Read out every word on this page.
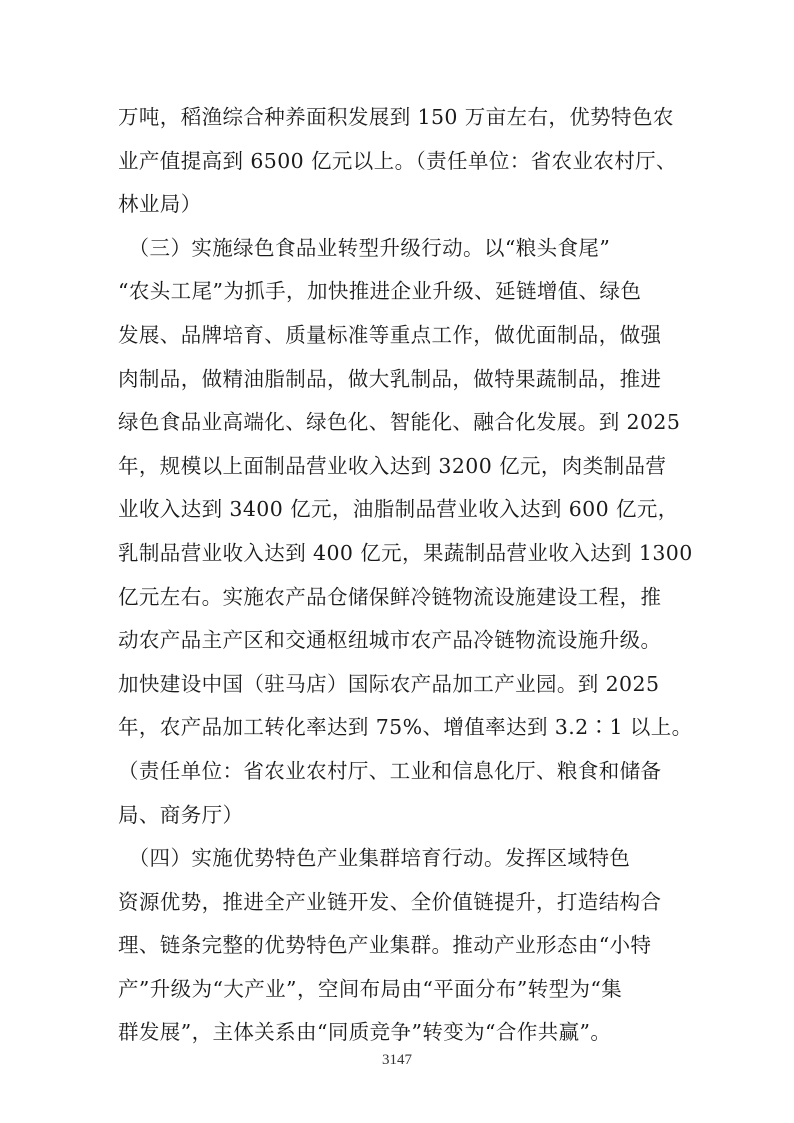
万吨，稻渔综合种养面积发展到 150 万亩左右，优势特色农
业产值提高到 6500 亿元以上。（责任单位：省农业农村厅、
林业局）
　（三）实施绿色食品业转型升级行动。以“粮头食尾”
“农头工尾”为抓手，加快推进企业升级、延链增值、绿色
发展、品牌培育、质量标准等重点工作，做优面制品，做强
肉制品，做精油脂制品，做大乳制品，做特果蔬制品，推进
绿色食品业高端化、绿色化、智能化、融合化发展。到 2025
年，规模以上面制品营业收入达到 3200 亿元，肉类制品营
业收入达到 3400 亿元，油脂制品营业收入达到 600 亿元，
乳制品营业收入达到 400 亿元，果蔬制品营业收入达到 1300
亿元左右。实施农产品仓储保鲜冷链物流设施建设工程，推
动农产品主产区和交通枢纽城市农产品冷链物流设施升级。
加快建设中国（驻马店）国际农产品加工产业园。到 2025
年，农产品加工转化率达到 75%、增值率达到 3.2∶1 以上。
（责任单位：省农业农村厅、工业和信息化厅、粮食和储备
局、商务厅）
　（四）实施优势特色产业集群培育行动。发挥区域特色
资源优势，推进全产业链开发、全价值链提升，打造结构合
理、链条完整的优势特色产业集群。推动产业形态由“小特
产”升级为“大产业”，空间布局由“平面分布”转型为“集
群发展”，主体关系由“同质竞争”转变为“合作共赢”。
3147
